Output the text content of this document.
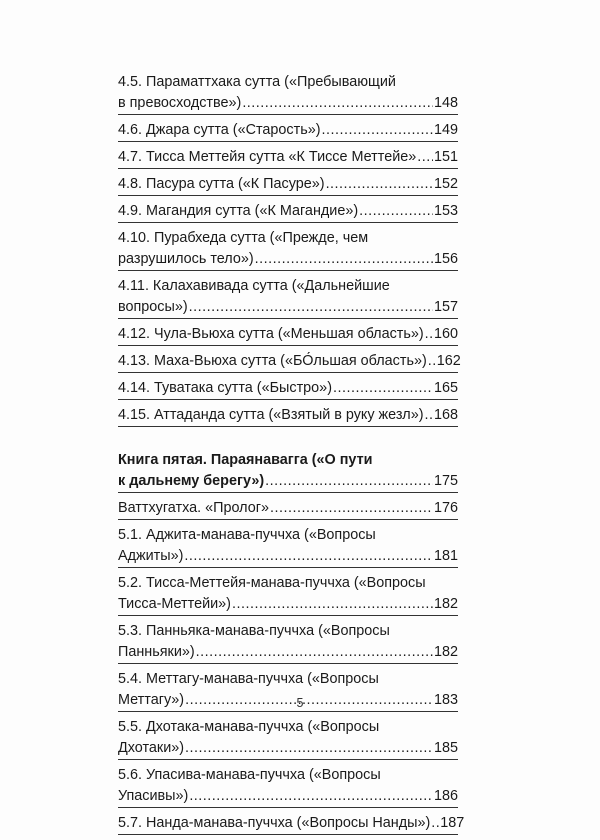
4.5. Параматтхака сутта («Пребывающий
в превосходстве») .....	148
4.6. Джара сутта («Старость») .....	149
4.7. Тисса Меттейя сутта «К Тиссе Меттейе» ..... 151
4.8. Пасура сутта («К Пасуре») .....	152
4.9. Магандия сутта («К Магандие») .....	153
4.10. Пурабхеда сутта («Прежде, чем
разрушилось тело») .....	156
4.11. Калахавивада сутта («Дальнейшие
вопросы») .....	157
4.12. Чула-Вьюха сутта («Меньшая область») ..... 160
4.13. Маха-Вьюха сутта («БО́льшая область») ..... 162
4.14. Туватака сутта («Быстро») .....	165
4.15. Аттаданда сутта («Взятый в руку жезл») ..... 168
Книга пятая. Параянавагга («О пути
к дальнему берегу») .....	175
Ваттхугатха. «Пролог» .....	176
5.1. Аджита-манава-пуччха («Вопросы
Аджиты») .....	181
5.2. Тисса-Меттейя-манава-пуччха («Вопросы
Тисса-Меттейи») .....	182
5.3. Панньяка-манава-пуччха («Вопросы
Панньяки») .....	182
5.4. Меттагу-манава-пуччха («Вопросы
Меттагу») .....	183
5.5. Дхотака-манава-пуччха («Вопросы
Дхотаки») .....	185
5.6. Упасива-манава-пуччха («Вопросы
Упасивы») .....	186
5.7. Нанда-манава-пуччха («Вопросы Нанды») ..... 187
5
